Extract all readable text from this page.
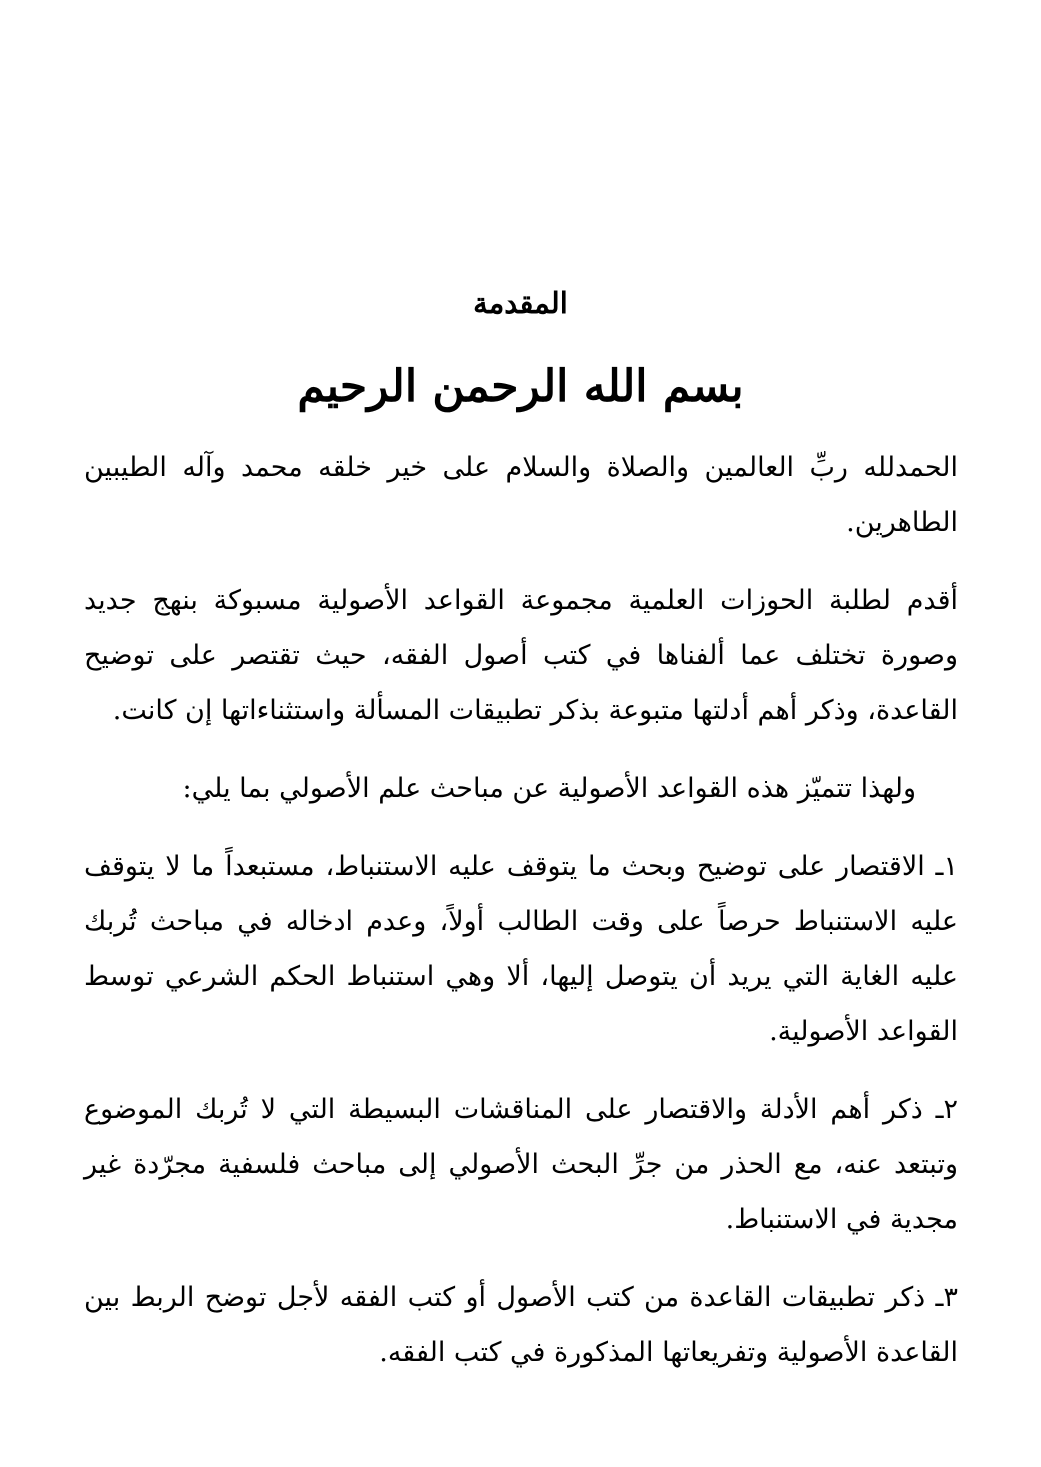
المقدمة
بسم الله الرحمن الرحيم

الحمدلله ربِّ العالمين والصلاة والسلام على خير خلقه محمد وآله الطيبين الطاهرين.

أقدم لطلبة الحوزات العلمية مجموعة القواعد الأصولية مسبوكة بنهج جديد وصورة تختلف عما ألفناها في كتب أصول الفقه، حيث تقتصر على توضيح القاعدة، وذكر أهم أدلتها متبوعة بذكر تطبيقات المسألة واستثناءاتها إن كانت.

ولهذا تتميّز هذه القواعد الأصولية عن مباحث علم الأصولي بما يلي:

١ـ الاقتصار على توضيح وبحث ما يتوقف عليه الاستنباط، مستبعداً ما لا يتوقف عليه الاستنباط حرصاً على وقت الطالب أولاً، وعدم ادخاله في مباحث تُربك عليه الغاية التي يريد أن يتوصل إليها، ألا وهي استنباط الحكم الشرعي توسط القواعد الأصولية.

٢ـ ذكر أهم الأدلة والاقتصار على المناقشات البسيطة التي لا تُربك الموضوع وتبتعد عنه، مع الحذر من جرِّ البحث الأصولي إلى مباحث فلسفية مجرّدة غير مجدية في الاستنباط.

٣ـ ذكر تطبيقات القاعدة من كتب الأصول أو كتب الفقه لأجل توضح الربط بين القاعدة الأصولية وتفريعاتها المذكورة في كتب الفقه.
